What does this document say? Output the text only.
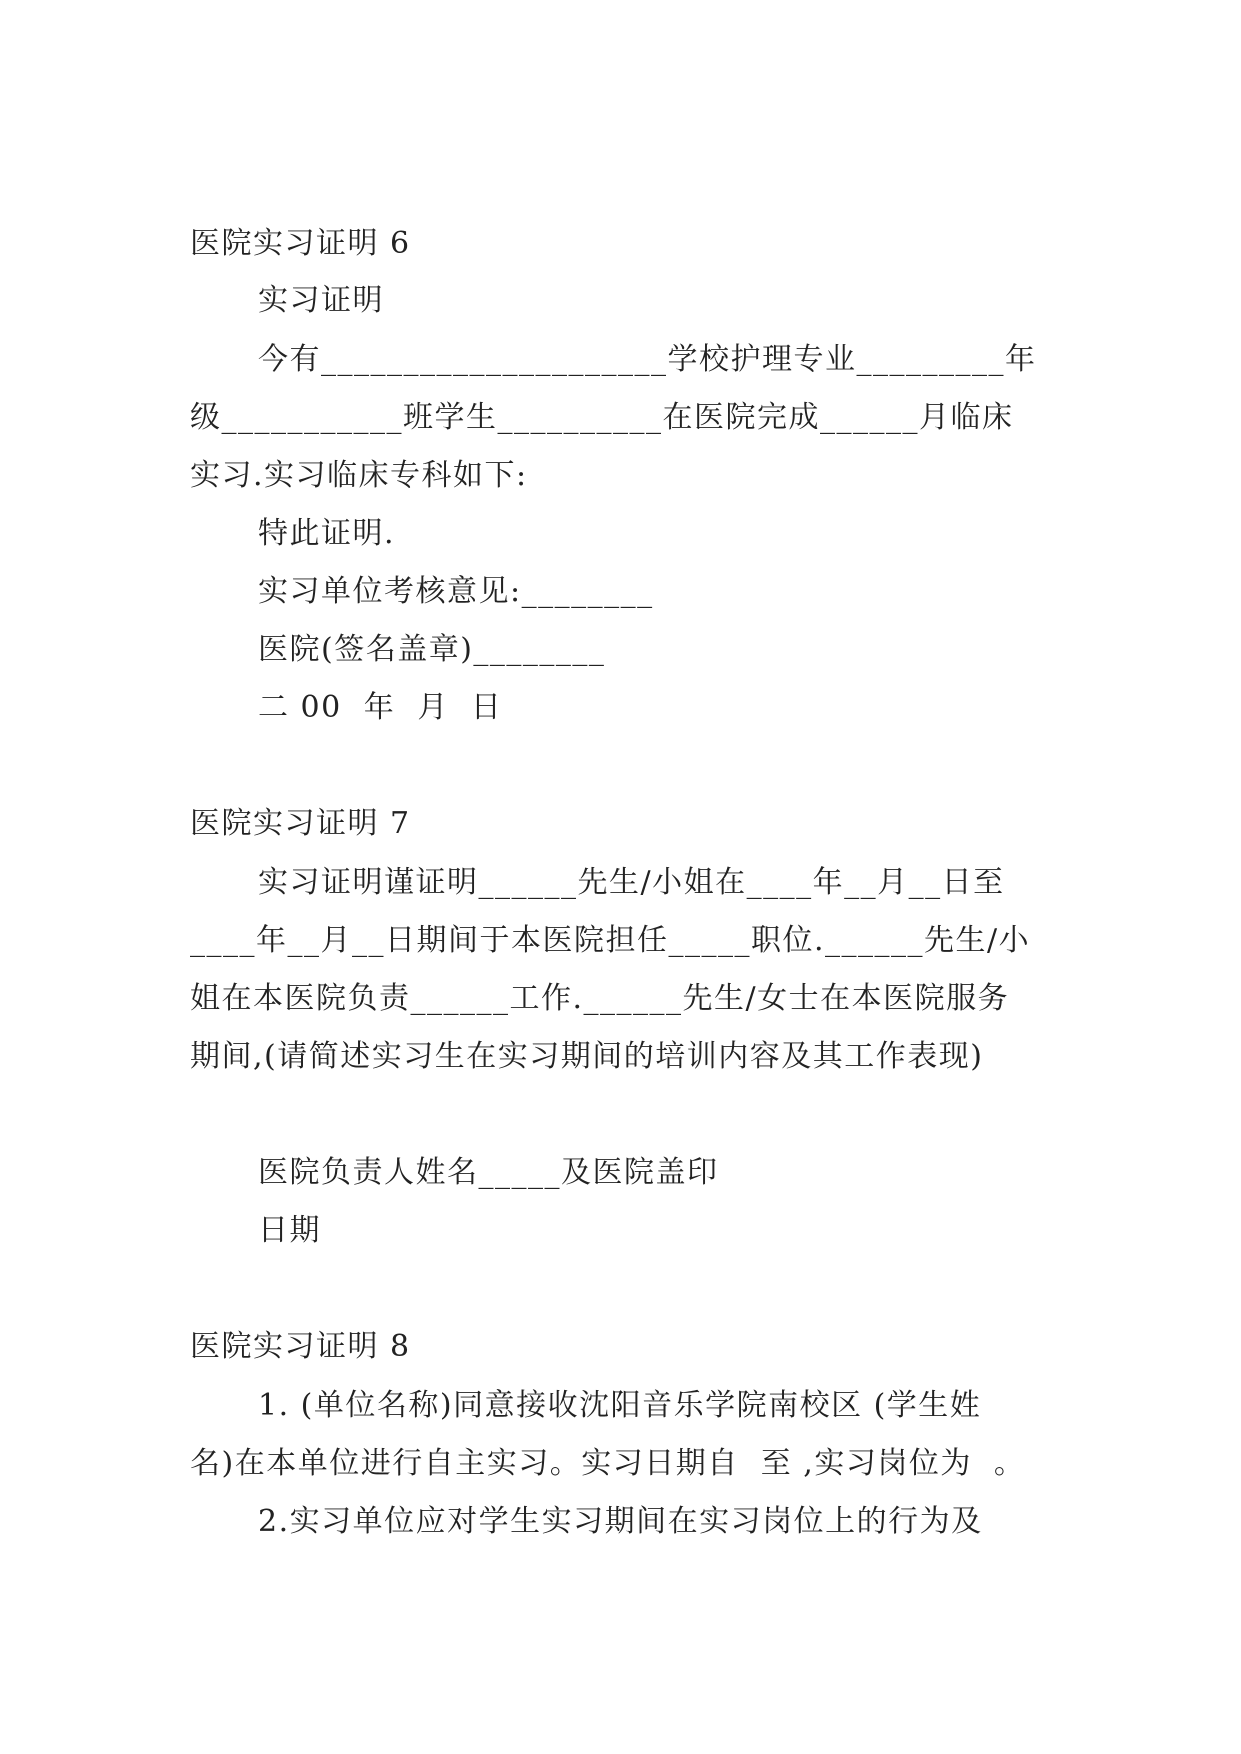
医院实习证明 6
实习证明
今有_____________________学校护理专业_________年
级___________班学生__________在医院完成______月临床
实习.实习临床专科如下:
特此证明.
实习单位考核意见:________
医院(签名盖章)________
二 00  年  月  日
医院实习证明 7
实习证明谨证明______先生/小姐在____年__月__日至
____年__月__日期间于本医院担任_____职位.______先生/小
姐在本医院负责______工作.______先生/女士在本医院服务
期间,(请简述实习生在实习期间的培训内容及其工作表现)
医院负责人姓名_____及医院盖印
日期
医院实习证明 8
1. (单位名称)同意接收沈阳音乐学院南校区 (学生姓
名)在本单位进行自主实习。实习日期自  至 ,实习岗位为  。
2.实习单位应对学生实习期间在实习岗位上的行为及
